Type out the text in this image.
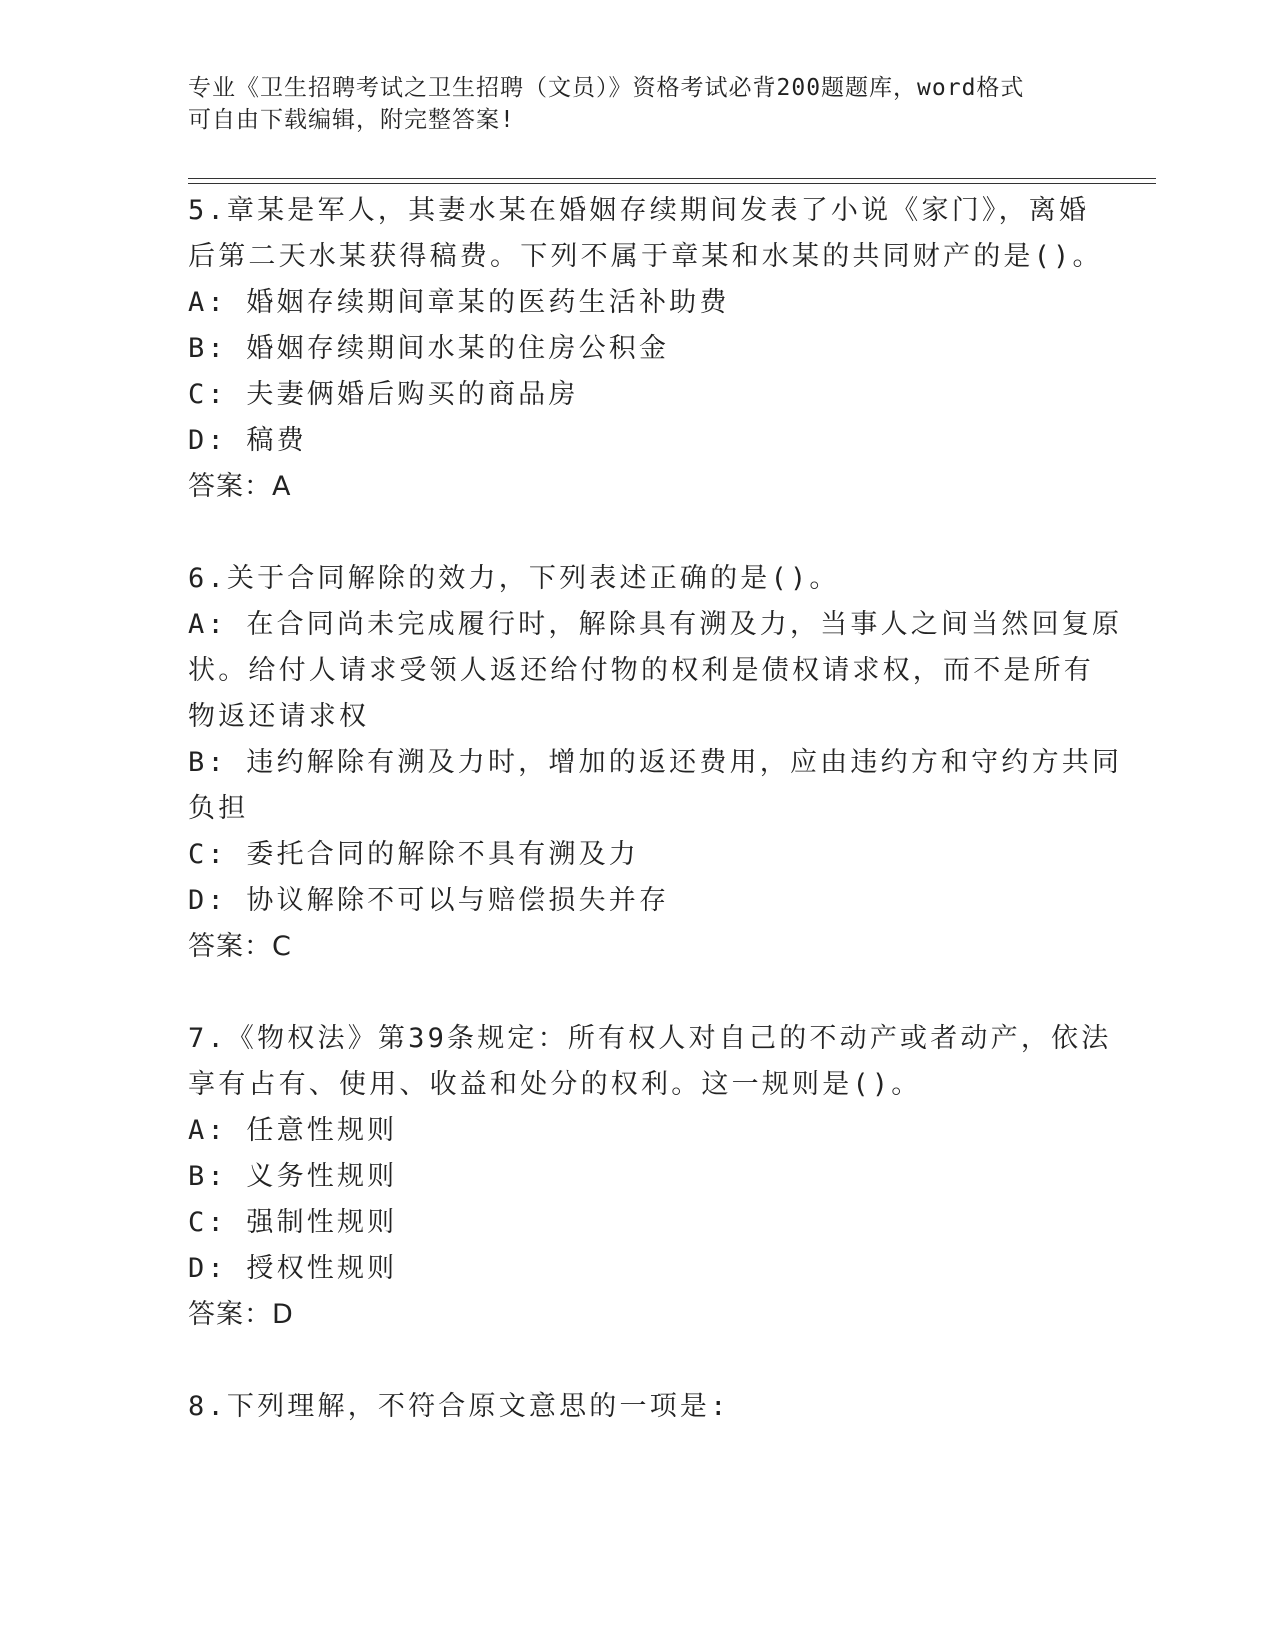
专业《卫生招聘考试之卫生招聘（文员）》资格考试必背200题题库，word格式
可自由下载编辑，附完整答案!
5.章某是军人，其妻水某在婚姻存续期间发表了小说《家门》，离婚
后第二天水某获得稿费。下列不属于章某和水某的共同财产的是()。
A: 婚姻存续期间章某的医药生活补助费
B: 婚姻存续期间水某的住房公积金
C: 夫妻俩婚后购买的商品房
D: 稿费
答案：A
6.关于合同解除的效力，下列表述正确的是()。
A: 在合同尚未完成履行时，解除具有溯及力，当事人之间当然回复原
状。给付人请求受领人返还给付物的权利是债权请求权，而不是所有
物返还请求权
B: 违约解除有溯及力时，增加的返还费用，应由违约方和守约方共同
负担
C: 委托合同的解除不具有溯及力
D: 协议解除不可以与赔偿损失并存
答案：C
7.《物权法》第39条规定：所有权人对自己的不动产或者动产，依法
享有占有、使用、收益和处分的权利。这一规则是()。
A: 任意性规则
B: 义务性规则
C: 强制性规则
D: 授权性规则
答案：D
8.下列理解，不符合原文意思的一项是:
